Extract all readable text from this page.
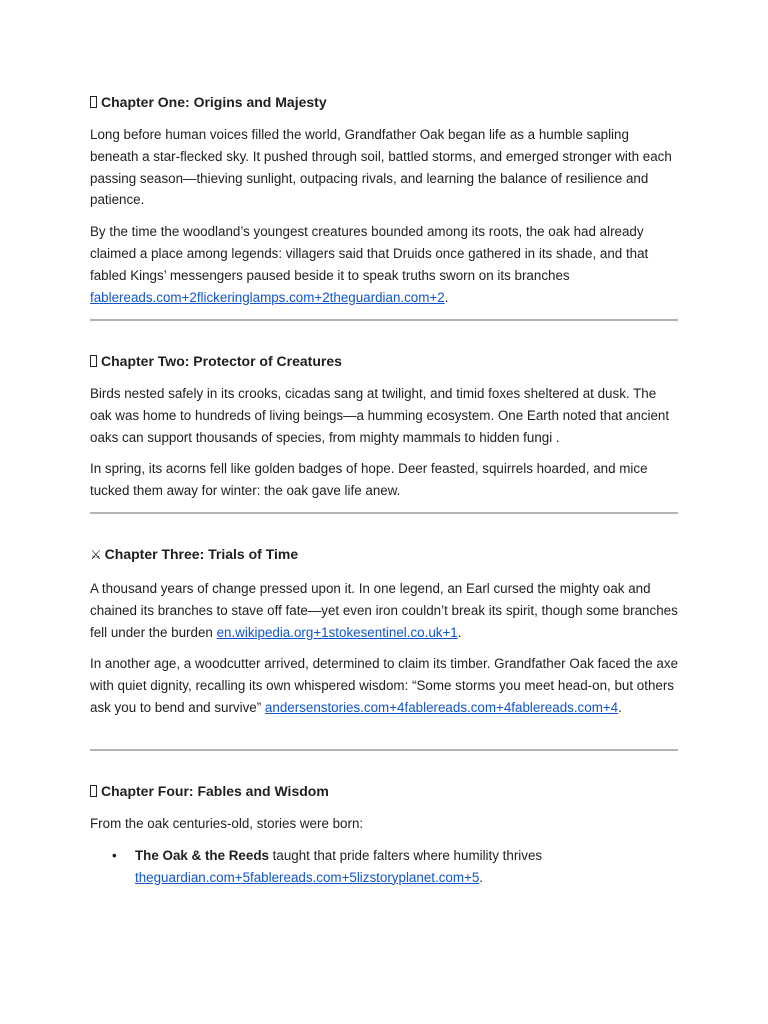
Chapter One: Origins and Majesty

Long before human voices filled the world, Grandfather Oak began life as a humble sapling beneath a star-flecked sky. It pushed through soil, battled storms, and emerged stronger with each passing season—thieving sunlight, outpacing rivals, and learning the balance of resilience and patience.

By the time the woodland’s youngest creatures bounded among its roots, the oak had already claimed a place among legends: villagers said that Druids once gathered in its shade, and that fabled Kings’ messengers paused beside it to speak truths sworn on its branches fablereads.com+2flickeringlamps.com+2theguardian.com+2.

Chapter Two: Protector of Creatures

Birds nested safely in its crooks, cicadas sang at twilight, and timid foxes sheltered at dusk. The oak was home to hundreds of living beings—a humming ecosystem. One Earth noted that ancient oaks can support thousands of species, from mighty mammals to hidden fungi .

In spring, its acorns fell like golden badges of hope. Deer feasted, squirrels hoarded, and mice tucked them away for winter: the oak gave life anew.

⚔ Chapter Three: Trials of Time

A thousand years of change pressed upon it. In one legend, an Earl cursed the mighty oak and chained its branches to stave off fate—yet even iron couldn’t break its spirit, though some branches fell under the burden en.wikipedia.org+1stokesentinel.co.uk+1.

In another age, a woodcutter arrived, determined to claim its timber. Grandfather Oak faced the axe with quiet dignity, recalling its own whispered wisdom: “Some storms you meet head-on, but others ask you to bend and survive” andersenstories.com+4fablereads.com+4fablereads.com+4.

Chapter Four: Fables and Wisdom

From the oak centuries-old, stories were born:

• The Oak & the Reeds taught that pride falters where humility thrives theguardian.com+5fablereads.com+5lizstoryplanet.com+5.
